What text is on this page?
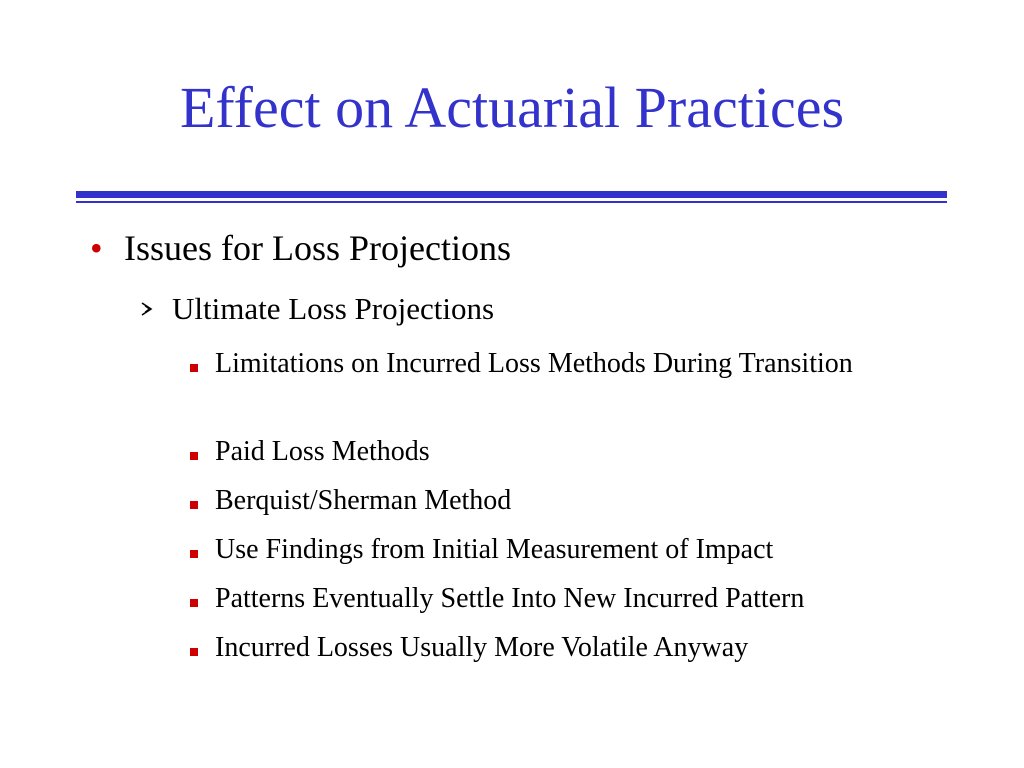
Effect on Actuarial Practices
• Issues for Loss Projections
Ultimate Loss Projections
Limitations on Incurred Loss Methods During Transition
Paid Loss Methods
Berquist/Sherman Method
Use Findings from Initial Measurement of Impact
Patterns Eventually Settle Into New Incurred Pattern
Incurred Losses Usually More Volatile Anyway
